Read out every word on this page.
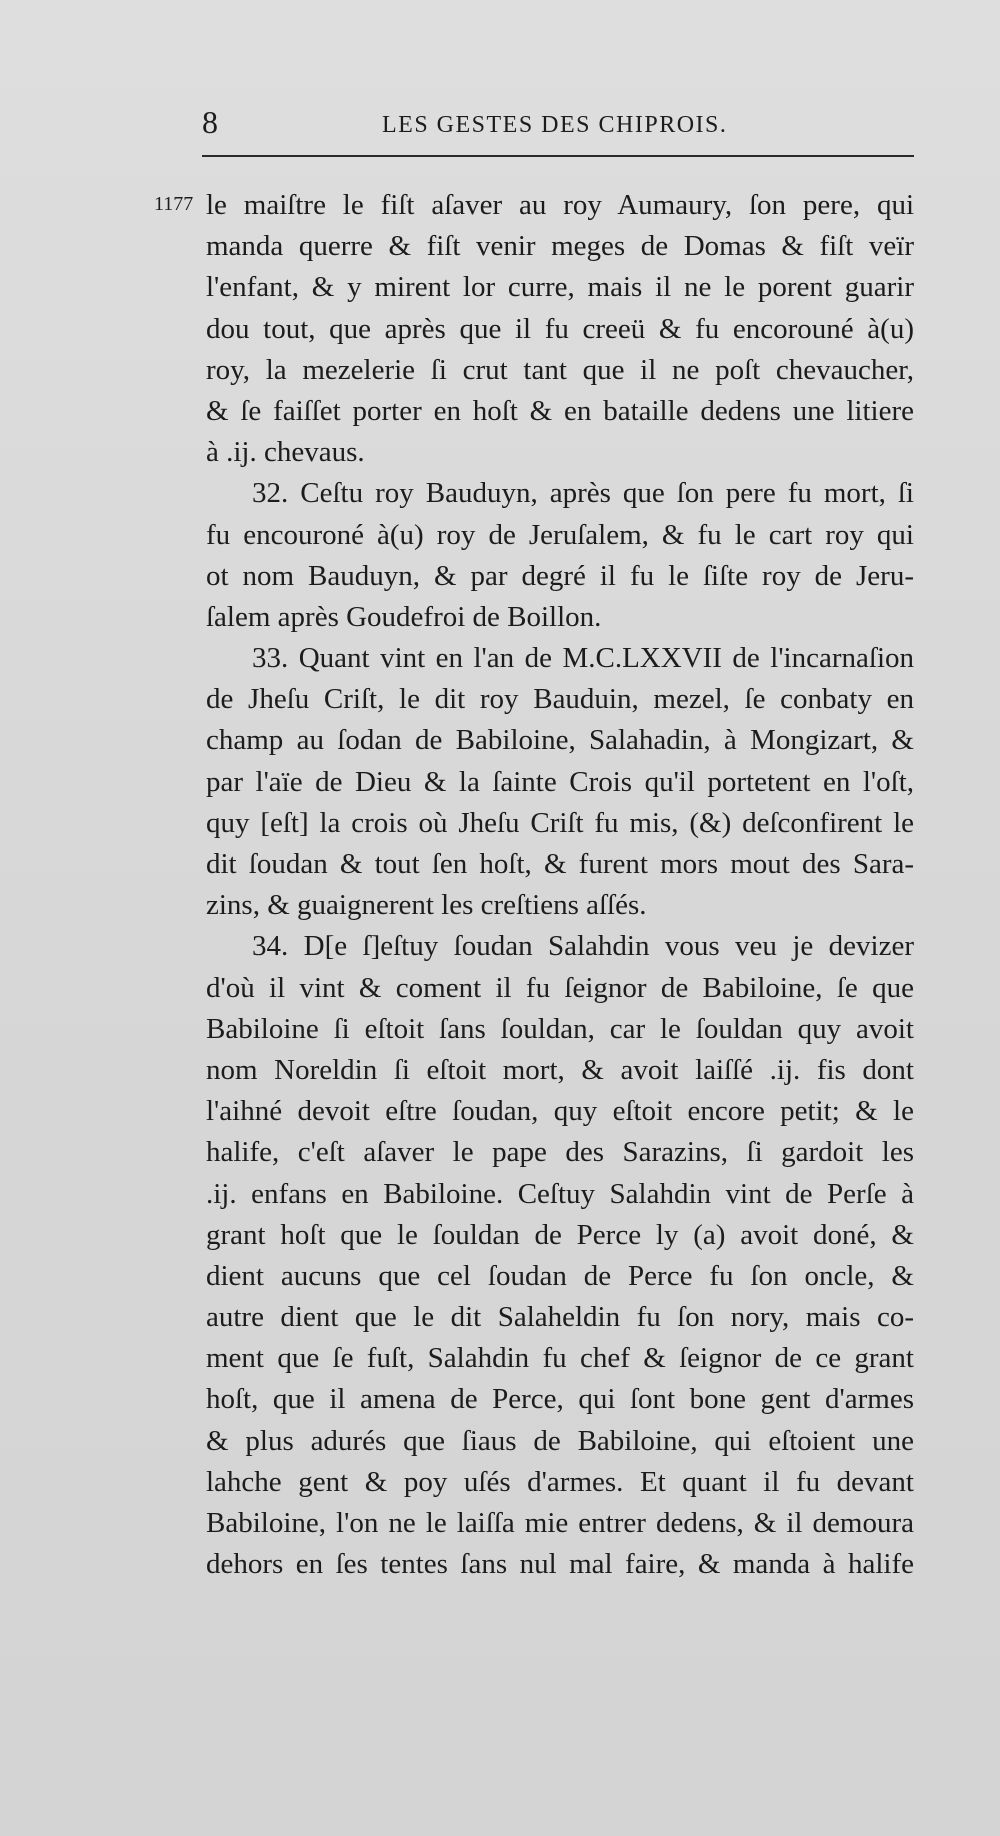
8	LES GESTES DES CHIPROIS.
1177 le maiſtre le fiſt aſaver au roy Aumaury, ſon pere, qui
manda querre & fiſt venir meges de Domas & fiſt veïr
l'enfant, & y mirent lor curre, mais il ne le porent guarir
dou tout, que après que il fu creeü & fu encorouné à(u)
roy, la mezelerie ſi crut tant que il ne poſt chevaucher,
& ſe faiſſet porter en hoſt & en bataille dedens une litiere
à .ij. chevaus.
32. Ceſtu roy Bauduyn, après que ſon pere fu mort, ſi
fu encouroné à(u) roy de Jeruſalem, & fu le cart roy qui
ot nom Bauduyn, & par degré il fu le ſiſte roy de Jeru-
ſalem après Goudefroi de Boillon.
33. Quant vint en l'an de M.C.LXXVII de l'incarnaſion
de Jheſu Criſt, le dit roy Bauduin, mezel, ſe conbaty en
champ au ſodan de Babiloine, Salahadin, à Mongizart, &
par l'aïe de Dieu & la ſainte Crois qu'il portetent en l'oſt,
quy [eſt] la crois où Jheſu Criſt fu mis, (&) deſconfirent le
dit ſoudan & tout ſen hoſt, & furent mors mout des Sara-
zins, & guaignerent les creſtiens aſſés.
34. D[e ſ]eſtuy ſoudan Salahdin vous veu je devizer
d'où il vint & coment il fu ſeignor de Babiloine, ſe que
Babiloine ſi eſtoit ſans ſouldan, car le ſouldan quy avoit
nom Noreldin ſi eſtoit mort, & avoit laiſſé .ij. fis dont
l'aihné devoit eſtre ſoudan, quy eſtoit encore petit; & le
halife, c'eſt aſaver le pape des Sarazins, ſi gardoit les
.ij. enfans en Babiloine. Ceſtuy Salahdin vint de Perſe à
grant hoſt que le ſouldan de Perce ly (a) avoit doné, &
dient aucuns que cel ſoudan de Perce fu ſon oncle, &
autre dient que le dit Salaheldin fu ſon nory, mais co-
ment que ſe fuſt, Salahdin fu chef & ſeignor de ce grant
hoſt, que il amena de Perce, qui ſont bone gent d'armes
& plus adurés que ſiaus de Babiloine, qui eſtoient une
lahche gent & poy uſés d'armes. Et quant il fu devant
Babiloine, l'on ne le laiſſa mie entrer dedens, & il demoura
dehors en ſes tentes ſans nul mal faire, & manda à halife
